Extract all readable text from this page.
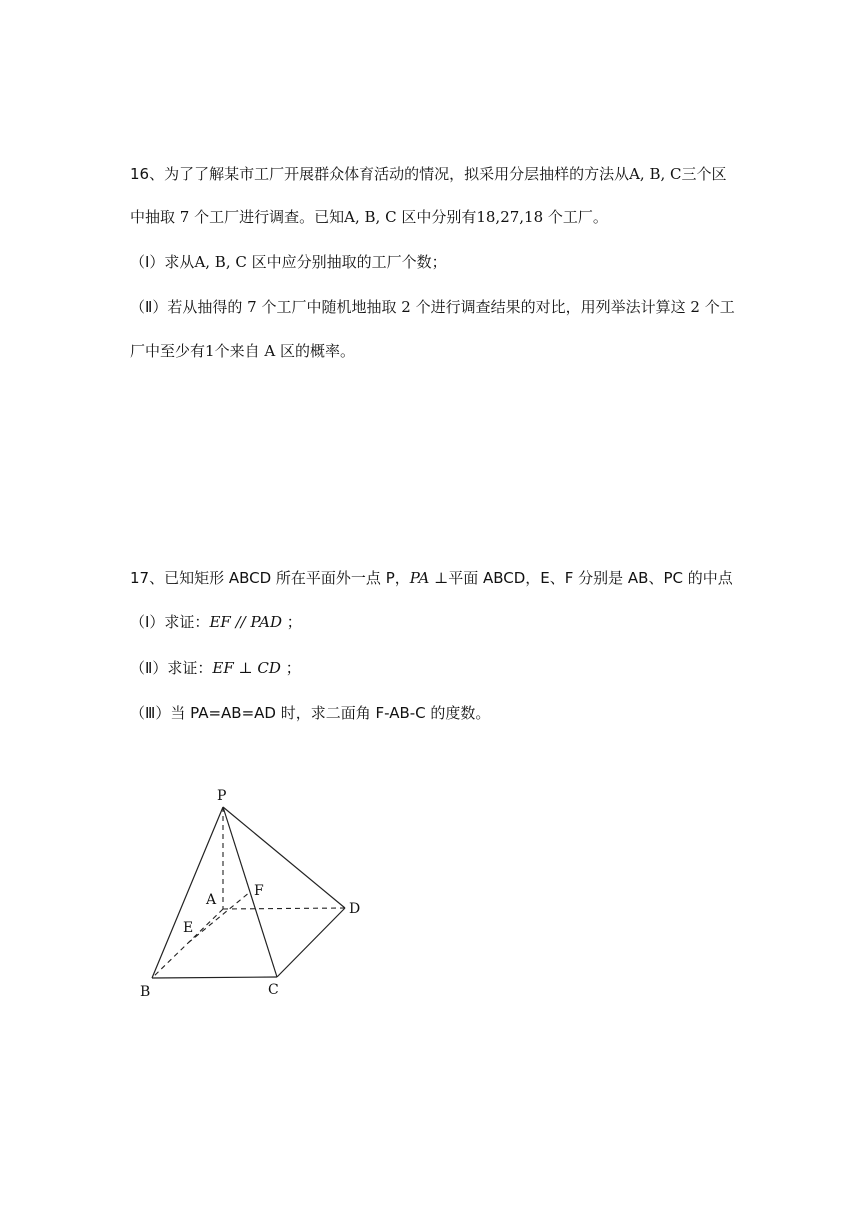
16、为了了解某市工厂开展群众体育活动的情况，拟采用分层抽样的方法从A, B, C三个区
中抽取 7 个工厂进行调查。已知A, B, C 区中分别有18,27,18 个工厂。
（Ⅰ）求从A, B, C 区中应分别抽取的工厂个数；
（Ⅱ）若从抽得的 7 个工厂中随机地抽取 2 个进行调查结果的对比，用列举法计算这 2 个工
厂中至少有1个来自 A 区的概率。
17、已知矩形 ABCD 所在平面外一点 P，PA ⊥平面 ABCD，E、F 分别是 AB、PC 的中点
（Ⅰ）求证：EF // PAD ；
（Ⅱ）求证：EF ⊥ CD ；
（Ⅲ）当 PA=AB=AD 时，求二面角 F-AB-C 的度数。
P
A
F
D
E
B	C
